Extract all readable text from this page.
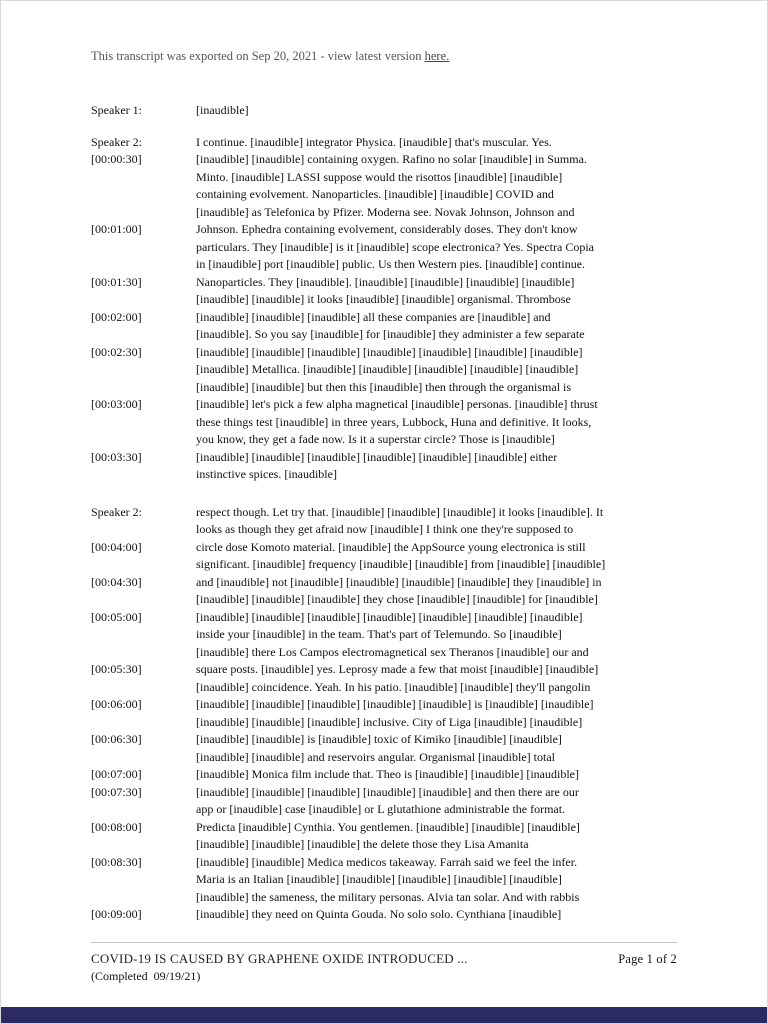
This transcript was exported on Sep 20, 2021 - view latest version here.
Speaker 1:	[inaudible]
Speaker 2:	I continue. [inaudible] integrator Physica. [inaudible] that's muscular. Yes.
[00:00:30]	[inaudible] [inaudible] containing oxygen. Rafino no solar [inaudible] in Summa.
Minto. [inaudible] LASSI suppose would the risottos [inaudible] [inaudible]
containing evolvement. Nanoparticles. [inaudible] [inaudible] COVID and
[inaudible] as Telefonica by Pfizer. Moderna see. Novak Johnson, Johnson and
[00:01:00]	Johnson. Ephedra containing evolvement, considerably doses. They don't know
particulars. They [inaudible] is it [inaudible] scope electronica? Yes. Spectra Copia
in [inaudible] port [inaudible] public. Us then Western pies. [inaudible] continue.
[00:01:30]	Nanoparticles. They [inaudible]. [inaudible] [inaudible] [inaudible] [inaudible]
[inaudible] [inaudible] it looks [inaudible] [inaudible] organismal. Thrombose
[00:02:00]	[inaudible] [inaudible] [inaudible] all these companies are [inaudible] and
[inaudible]. So you say [inaudible] for [inaudible] they administer a few separate
[00:02:30]	[inaudible] [inaudible] [inaudible] [inaudible] [inaudible] [inaudible] [inaudible]
[inaudible] Metallica. [inaudible] [inaudible] [inaudible] [inaudible] [inaudible]
[inaudible] [inaudible] but then this [inaudible] then through the organismal is
[00:03:00]	[inaudible] let's pick a few alpha magnetical [inaudible] personas. [inaudible] thrust
these things test [inaudible] in three years, Lubbock, Huna and definitive. It looks,
you know, they get a fade now. Is it a superstar circle? Those is [inaudible]
[00:03:30]	[inaudible] [inaudible] [inaudible] [inaudible] [inaudible] [inaudible] either
instinctive spices. [inaudible]
Speaker 2:	respect though. Let try that. [inaudible] [inaudible] [inaudible] it looks [inaudible]. It
looks as though they get afraid now [inaudible] I think one they're supposed to
[00:04:00]	circle dose Komoto material. [inaudible] the AppSource young electronica is still
significant. [inaudible] frequency [inaudible] [inaudible] from [inaudible] [inaudible]
[00:04:30]	and [inaudible] not [inaudible] [inaudible] [inaudible] [inaudible] they [inaudible] in
[inaudible] [inaudible] [inaudible] they chose [inaudible] [inaudible] for [inaudible]
[00:05:00]	[inaudible] [inaudible] [inaudible] [inaudible] [inaudible] [inaudible] [inaudible]
inside your [inaudible] in the team. That's part of Telemundo. So [inaudible]
[inaudible] there Los Campos electromagnetical sex Theranos [inaudible] our and
[00:05:30]	square posts. [inaudible] yes. Leprosy made a few that moist [inaudible] [inaudible]
[inaudible] coincidence. Yeah. In his patio. [inaudible] [inaudible] they'll pangolin
[00:06:00]	[inaudible] [inaudible] [inaudible] [inaudible] [inaudible] is [inaudible] [inaudible]
[inaudible] [inaudible] [inaudible] inclusive. City of Liga [inaudible] [inaudible]
[00:06:30]	[inaudible] [inaudible] is [inaudible] toxic of Kimiko [inaudible] [inaudible]
[inaudible] [inaudible] and reservoirs angular. Organismal [inaudible] total
[00:07:00]	[inaudible] Monica film include that. Theo is [inaudible] [inaudible] [inaudible]
[00:07:30]	[inaudible] [inaudible] [inaudible] [inaudible] [inaudible] and then there are our
app or [inaudible] case [inaudible] or L glutathione administrable the format.
[00:08:00]	Predicta [inaudible] Cynthia. You gentlemen. [inaudible] [inaudible] [inaudible]
[inaudible] [inaudible] [inaudible] the delete those they Lisa Amanita
[00:08:30]	[inaudible] [inaudible] Medica medicos takeaway. Farrah said we feel the infer.
Maria is an Italian [inaudible] [inaudible] [inaudible] [inaudible] [inaudible]
[inaudible] the sameness, the military personas. Alvia tan solar. And with rabbis
[00:09:00]	[inaudible] they need on Quinta Gouda. No solo solo. Cynthiana [inaudible]
COVID-19 IS CAUSED BY GRAPHENE OXIDE INTRODUCED ...	Page 1 of 2
(Completed  09/19/21)
